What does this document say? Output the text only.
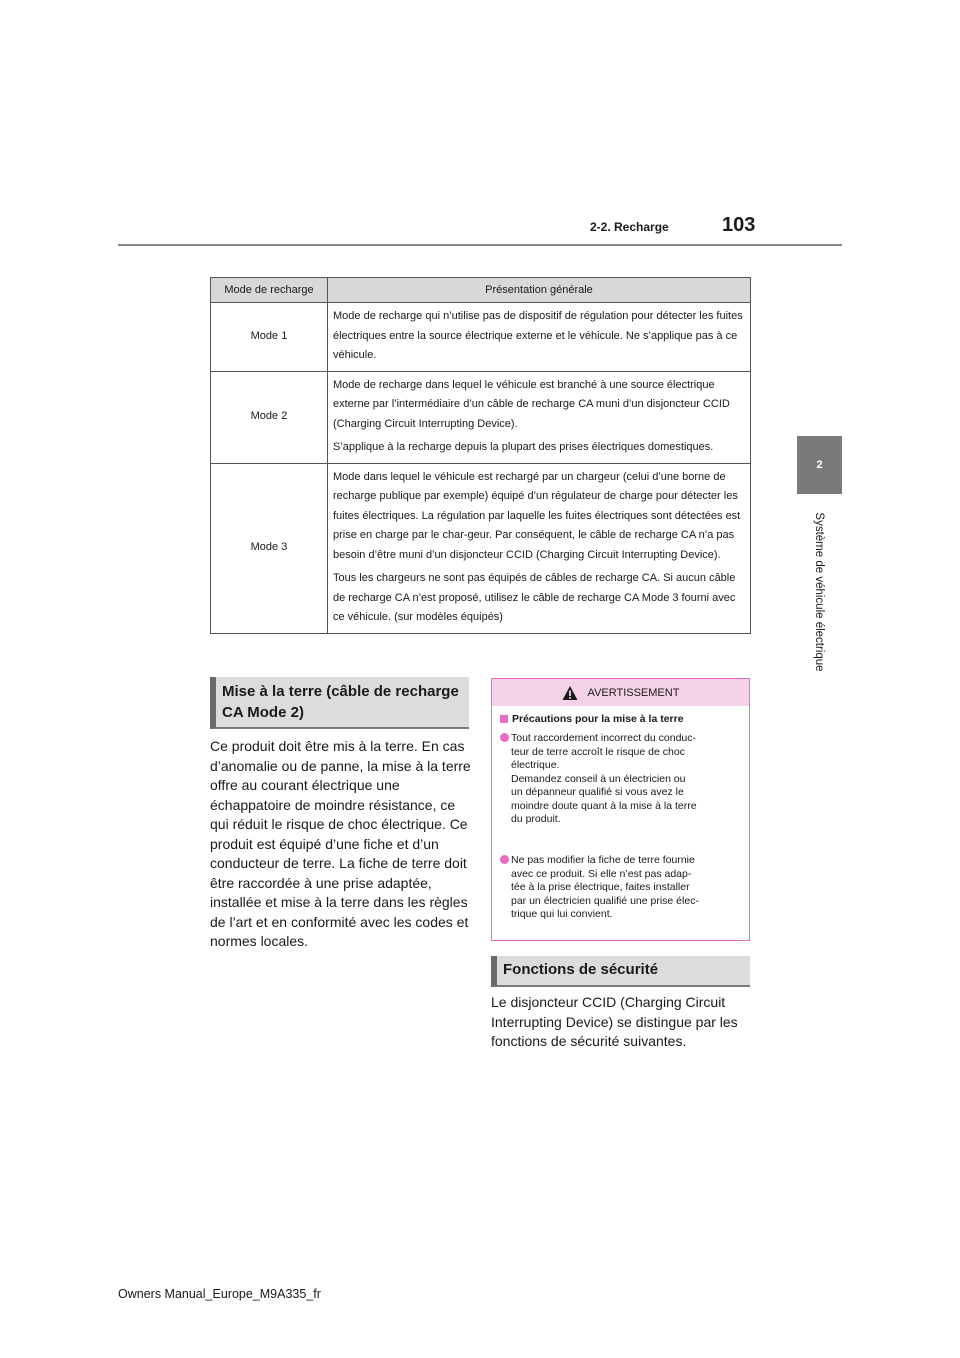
2-2. Recharge	103
2
Système de véhicule électrique
Mode de recharge	Présentation générale
Mode 1	Mode de recharge qui n’utilise pas de dispositif de régulation pour détecter les fuites électriques entre la source électrique externe et le véhicule. Ne s’applique pas à ce véhicule.

Mode 2	Mode de recharge dans lequel le véhicule est branché à une source électrique externe par l’intermédiaire d’un câble de recharge CA muni d’un disjoncteur CCID (Charging Circuit Interrupting Device).

S’applique à la recharge depuis la plupart des prises électriques domestiques.

Mode 3	Mode dans lequel le véhicule est rechargé par un chargeur (celui d’une borne de recharge publique par exemple) équipé d’un régulateur de charge pour détecter les fuites électriques. La régulation par laquelle les fuites électriques sont détectées est prise en charge par le char-geur. Par conséquent, le câble de recharge CA n’a pas besoin d’être muni d’un disjoncteur CCID (Charging Circuit Interrupting Device).

Tous les chargeurs ne sont pas équipés de câbles de recharge CA. Si aucun câble de recharge CA n’est proposé, utilisez le câble de recharge CA Mode 3 fourni avec ce véhicule. (sur modèles équipés)

Mise à la terre (câble de recharge CA Mode 2)
Ce produit doit être mis à la terre. En cas d’anomalie ou de panne, la mise à la terre offre au courant électrique une échappatoire de moindre résistance, ce qui réduit le risque de choc électrique. Ce produit est équipé d’une fiche et d’un conducteur de terre. La fiche de terre doit être raccordée à une prise adaptée, installée et mise à la terre dans les règles de l’art et en conformité avec les codes et normes locales.
AVERTISSEMENT
Précautions pour la mise à la terre
Tout raccordement incorrect du conduc-
teur de terre accroît le risque de choc
électrique.
Demandez conseil à un électricien ou
un dépanneur qualifié si vous avez le
moindre doute quant à la mise à la terre
du produit.
Ne pas modifier la fiche de terre fournie
avec ce produit. Si elle n’est pas adap-
tée à la prise électrique, faites installer
par un électricien qualifié une prise élec-
trique qui lui convient.
Fonctions de sécurité
Le disjoncteur CCID (Charging Circuit Interrupting Device) se distingue par les fonctions de sécurité suivantes.
Owners Manual_Europe_M9A335_fr
